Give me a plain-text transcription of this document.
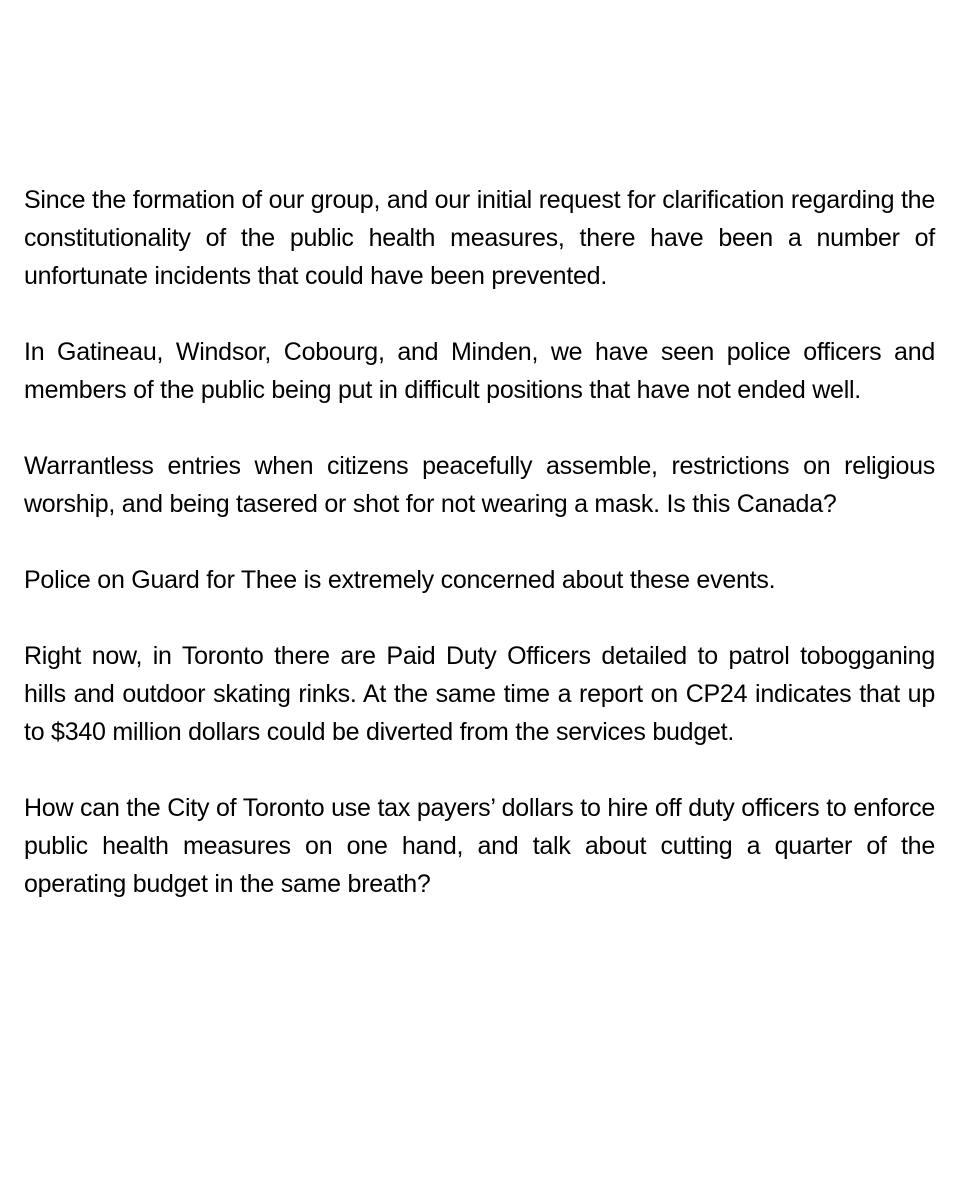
Since the formation of our group, and our initial request for clarification regarding the constitutionality of the public health measures, there have been a number of unfortunate incidents that could have been prevented.

In Gatineau, Windsor, Cobourg, and Minden, we have seen police officers and members of the public being put in difficult positions that have not ended well.

Warrantless entries when citizens peacefully assemble, restrictions on religious worship, and being tasered or shot for not wearing a mask. Is this Canada?

Police on Guard for Thee is extremely concerned about these events.

Right now, in Toronto there are Paid Duty Officers detailed to patrol tobogganing hills and outdoor skating rinks. At the same time a report on CP24 indicates that up to $340 million dollars could be diverted from the services budget.

How can the City of Toronto use tax payers’ dollars to hire off duty officers to enforce public health measures on one hand, and talk about cutting a quarter of the operating budget in the same breath?
